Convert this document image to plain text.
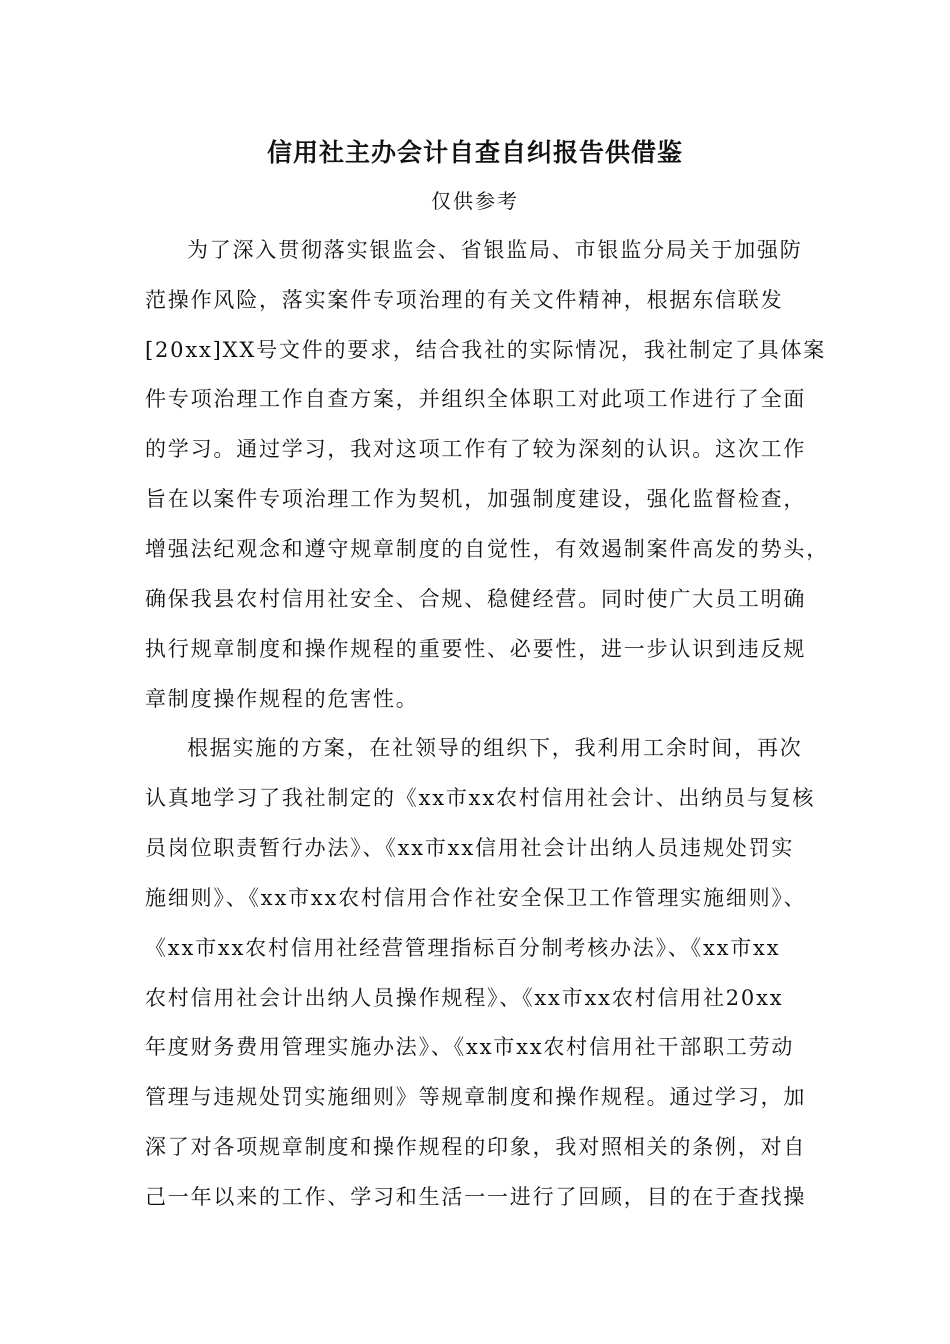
信用社主办会计自查自纠报告供借鉴
仅供参考
为了深入贯彻落实银监会、省银监局、市银监分局关于加强防
范操作风险，落实案件专项治理的有关文件精神，根据东信联发
[20xx]XX号文件的要求，结合我社的实际情况，我社制定了具体案
件专项治理工作自查方案，并组织全体职工对此项工作进行了全面
的学习。通过学习，我对这项工作有了较为深刻的认识。这次工作
旨在以案件专项治理工作为契机，加强制度建设，强化监督检查，
增强法纪观念和遵守规章制度的自觉性，有效遏制案件高发的势头，
确保我县农村信用社安全、合规、稳健经营。同时使广大员工明确
执行规章制度和操作规程的重要性、必要性，进一步认识到违反规
章制度操作规程的危害性。
根据实施的方案，在社领导的组织下，我利用工余时间，再次
认真地学习了我社制定的《xx市xx农村信用社会计、出纳员与复核
员岗位职责暂行办法》、《xx市xx信用社会计出纳人员违规处罚实
施细则》、《xx市xx农村信用合作社安全保卫工作管理实施细则》、
《xx市xx农村信用社经营管理指标百分制考核办法》、《xx市xx
农村信用社会计出纳人员操作规程》、《xx市xx农村信用社20xx
年度财务费用管理实施办法》、《xx市xx农村信用社干部职工劳动
管理与违规处罚实施细则》等规章制度和操作规程。通过学习，加
深了对各项规章制度和操作规程的印象，我对照相关的条例，对自
己一年以来的工作、学习和生活一一进行了回顾，目的在于查找操
